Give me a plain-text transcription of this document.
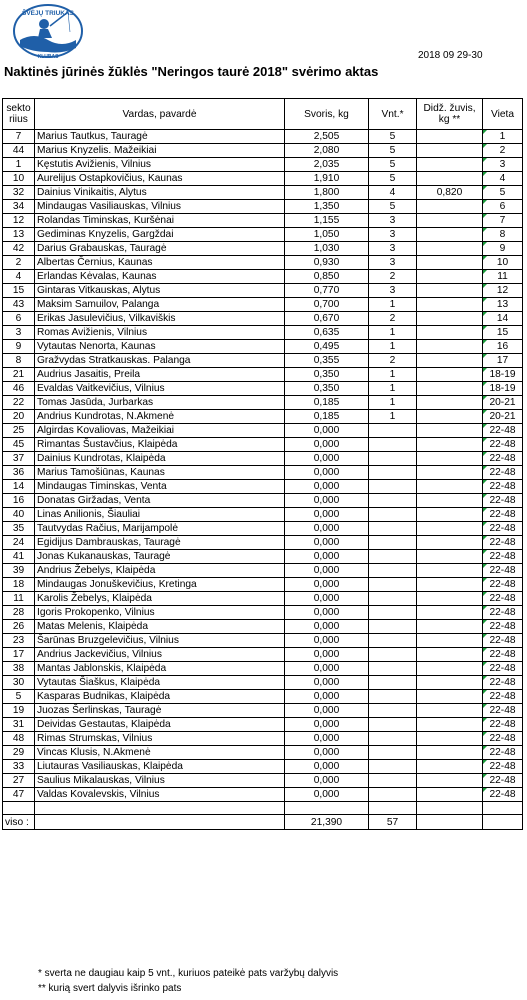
ŠVĖJŲ TRIUKAS
KLUBAS	2018 09 29-30
Naktinės jūrinės žūklės "Neringos taurė 2018" svėrimo aktas
sekto riius	Vardas, pavardė	Svoris, kg	Vnt.*	Didž. žuvis, kg **	Vieta
7	Marius Tautkus, Tauragė	2,505	5		1
44	Marius Knyzelis. Mažeikiai	2,080	5		2
1	Kęstutis Avižienis, Vilnius	2,035	5		3
10	Aurelijus Ostapkovičius, Kaunas	1,910	5		4
32	Dainius Vinikaitis, Alytus	1,800	4	0,820	5
34	Mindaugas Vasiliauskas, Vilnius	1,350	5		6
12	Rolandas Timinskas, Kuršėnai	1,155	3		7
13	Gediminas Knyzelis, Gargždai	1,050	3		8
42	Darius Grabauskas, Tauragė	1,030	3		9
2	Albertas Černius, Kaunas	0,930	3		10
4	Erlandas Kėvalas, Kaunas	0,850	2		11
15	Gintaras Vitkauskas, Alytus	0,770	3		12
43	Maksim Samuilov, Palanga	0,700	1		13
6	Erikas Jasulevičius, Vilkaviškis	0,670	2		14
3	Romas Avižienis, Vilnius	0,635	1		15
9	Vytautas Nenorta, Kaunas	0,495	1		16
8	Gražvydas Stratkauskas. Palanga	0,355	2		17
21	Audrius Jasaitis, Preila	0,350	1		18-19
46	Evaldas Vaitkevičius, Vilnius	0,350	1		18-19
22	Tomas Jasūda, Jurbarkas	0,185	1		20-21
20	Andrius Kundrotas, N.Akmenė	0,185	1		20-21
25	Algirdas Kovaliovas, Mažeikiai	0,000			22-48
45	Rimantas Šustavčius, Klaipėda	0,000			22-48
37	Dainius Kundrotas, Klaipėda	0,000			22-48
36	Marius Tamošiūnas, Kaunas	0,000			22-48
14	Mindaugas Timinskas, Venta	0,000			22-48
16	Donatas Giržadas, Venta	0,000			22-48
40	Linas Anilionis, Šiauliai	0,000			22-48
35	Tautvydas Račius, Marijampolė	0,000			22-48
24	Egidijus Dambrauskas, Tauragė	0,000			22-48
41	Jonas Kukanauskas, Tauragė	0,000			22-48
39	Andrius Žebelys, Klaipėda	0,000			22-48
18	Mindaugas Jonuškevičius, Kretinga	0,000			22-48
11	Karolis Žebelys, Klaipėda	0,000			22-48
28	Igoris Prokopenko, Vilnius	0,000			22-48
26	Matas Melenis, Klaipėda	0,000			22-48
23	Šarūnas Bruzgelevičius, Vilnius	0,000			22-48
17	Andrius Jackevičius, Vilnius	0,000			22-48
38	Mantas Jablonskis, Klaipėda	0,000			22-48
30	Vytautas Šiaškus, Klaipėda	0,000			22-48
5	Kasparas Budnikas, Klaipėda	0,000			22-48
19	Juozas Šerlinskas, Tauragė	0,000			22-48
31	Deividas Gestautas, Klaipėda	0,000			22-48
48	Rimas Strumskas, Vilnius	0,000			22-48
29	Vincas Klusis, N.Akmenė	0,000			22-48
33	Liutauras Vasiliauskas, Klaipėda	0,000			22-48
27	Saulius Mikalauskas, Vilnius	0,000			22-48
47	Valdas Kovalevskis, Vilnius	0,000			22-48

viso :		21,390	57		
* sverta ne daugiau kaip 5 vnt., kuriuos pateikė pats varžybų dalyvis
** kurią svert dalyvis išrinko pats
